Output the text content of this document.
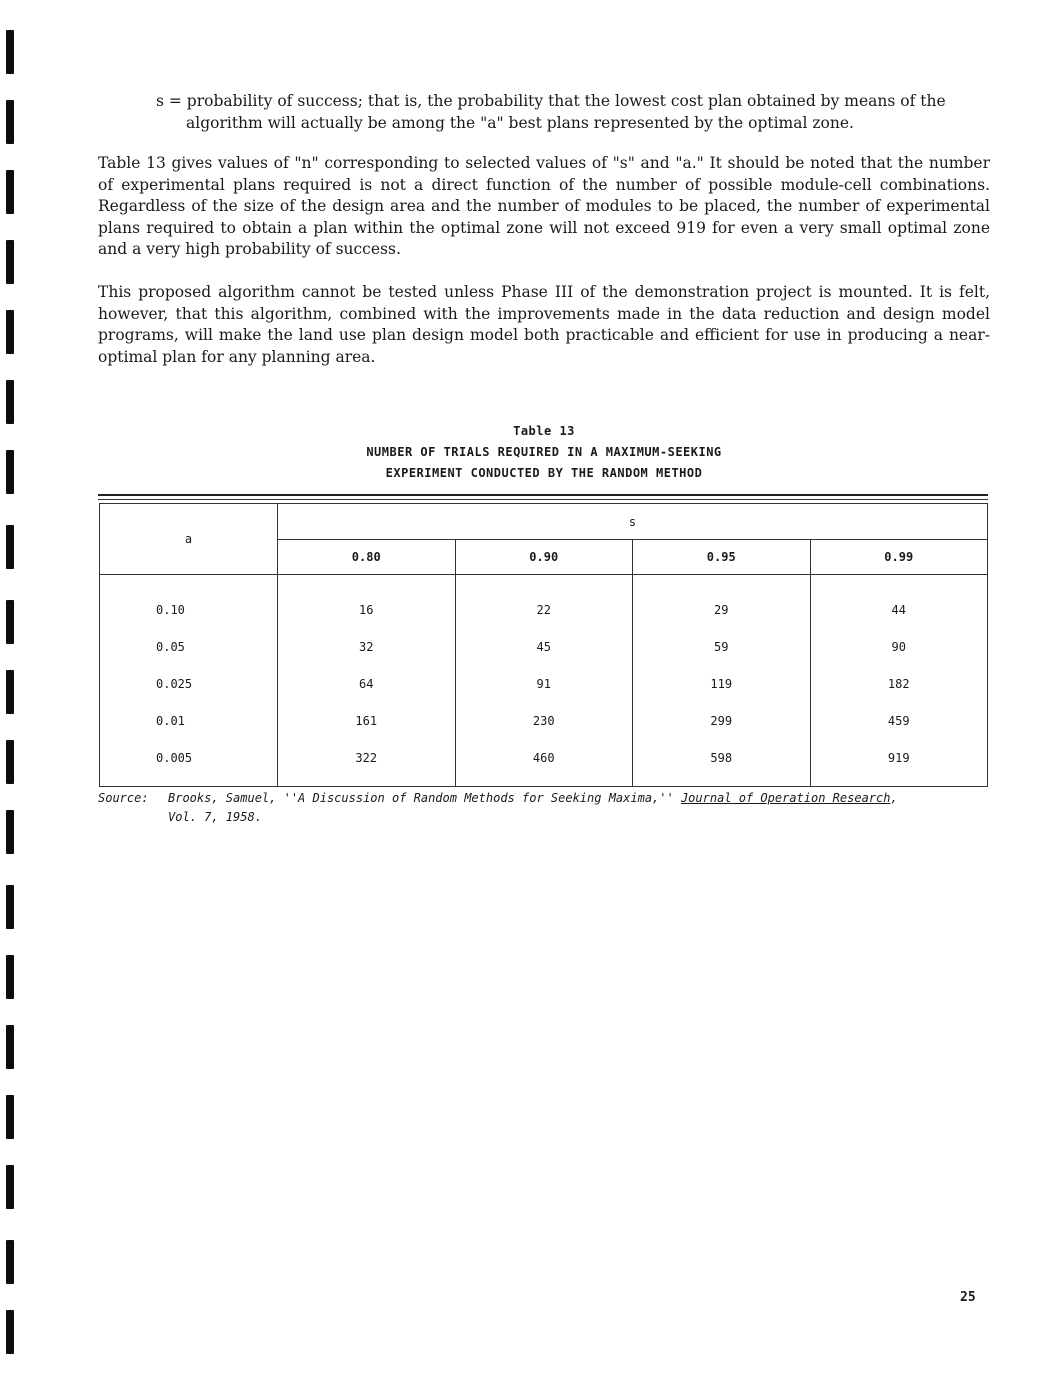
s = probability of success; that is, the probability that the lowest cost plan obtained by means of the
algorithm will actually be among the "a" best plans represented by the optimal zone.

Table 13 gives values of "n" corresponding to selected values of "s" and "a." It should be noted that the number of experimental plans required is not a direct function of the number of possible module-cell combinations. Regardless of the size of the design area and the number of modules to be placed, the number of experimental plans required to obtain a plan within the optimal zone will not exceed 919 for even a very small optimal zone and a very high probability of success.

This proposed algorithm cannot be tested unless Phase III of the demonstration project is mounted. It is felt, however, that this algorithm, combined with the improvements made in the data reduction and design model programs, will make the land use plan design model both practicable and efficient for use in producing a near-optimal plan for any planning area.

Table 13
NUMBER OF TRIALS REQUIRED IN A MAXIMUM-SEEKING
EXPERIMENT CONDUCTED BY THE RANDOM METHOD
a	s			
	0.80	0.90	0.95	0.99
0.10	16	22	29	44
0.05	32	45	59	90
0.025	64	91	119	182
0.01	161	230	299	459
0.005	322	460	598	919
Source: Brooks, Samuel, ''A Discussion of Random Methods for Seeking Maxima,'' Journal of Operation Research,
Vol. 7, 1958.
25
